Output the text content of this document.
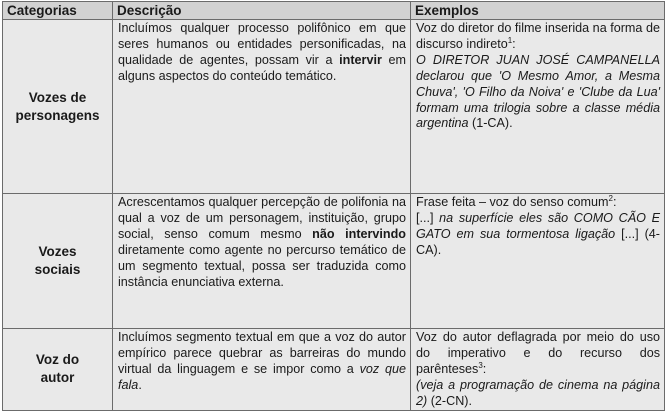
Categorias	Descrição	Exemplos
Vozes de
personagens	Incluímos qualquer processo polifônico em que seres humanos ou entidades personificadas, na qualidade de agentes, possam vir a intervir em alguns aspectos do conteúdo temático.	Voz do diretor do filme inserida na forma de discurso indireto$^1$:
O DIRETOR JUAN JOSÉ CAMPANELLA declarou que 'O Mesmo Amor, a Mesma Chuva', 'O Filho da Noiva' e 'Clube da Lua' formam uma trilogia sobre a classe média argentina (1-CA).

Vozes
sociais	Acrescentamos qualquer percepção de polifonia na qual a voz de um personagem, instituição, grupo social, senso comum mesmo não intervindo diretamente como agente no percurso temático de um segmento textual, possa ser traduzida como instância enunciativa externa.	Frase feita – voz do senso comum$^2$:
[...] na superfície eles são COMO CÃO E GATO em sua tormentosa ligação [...] (4-CA).

Voz do
autor	Incluímos segmento textual em que a voz do autor empírico parece quebrar as barreiras do mundo virtual da linguagem e se impor como a voz que fala.	Voz do autor deflagrada por meio do uso do imperativo e do recurso dos parênteses$^3$:
(veja a programação de cinema na página 2) (2-CN).
